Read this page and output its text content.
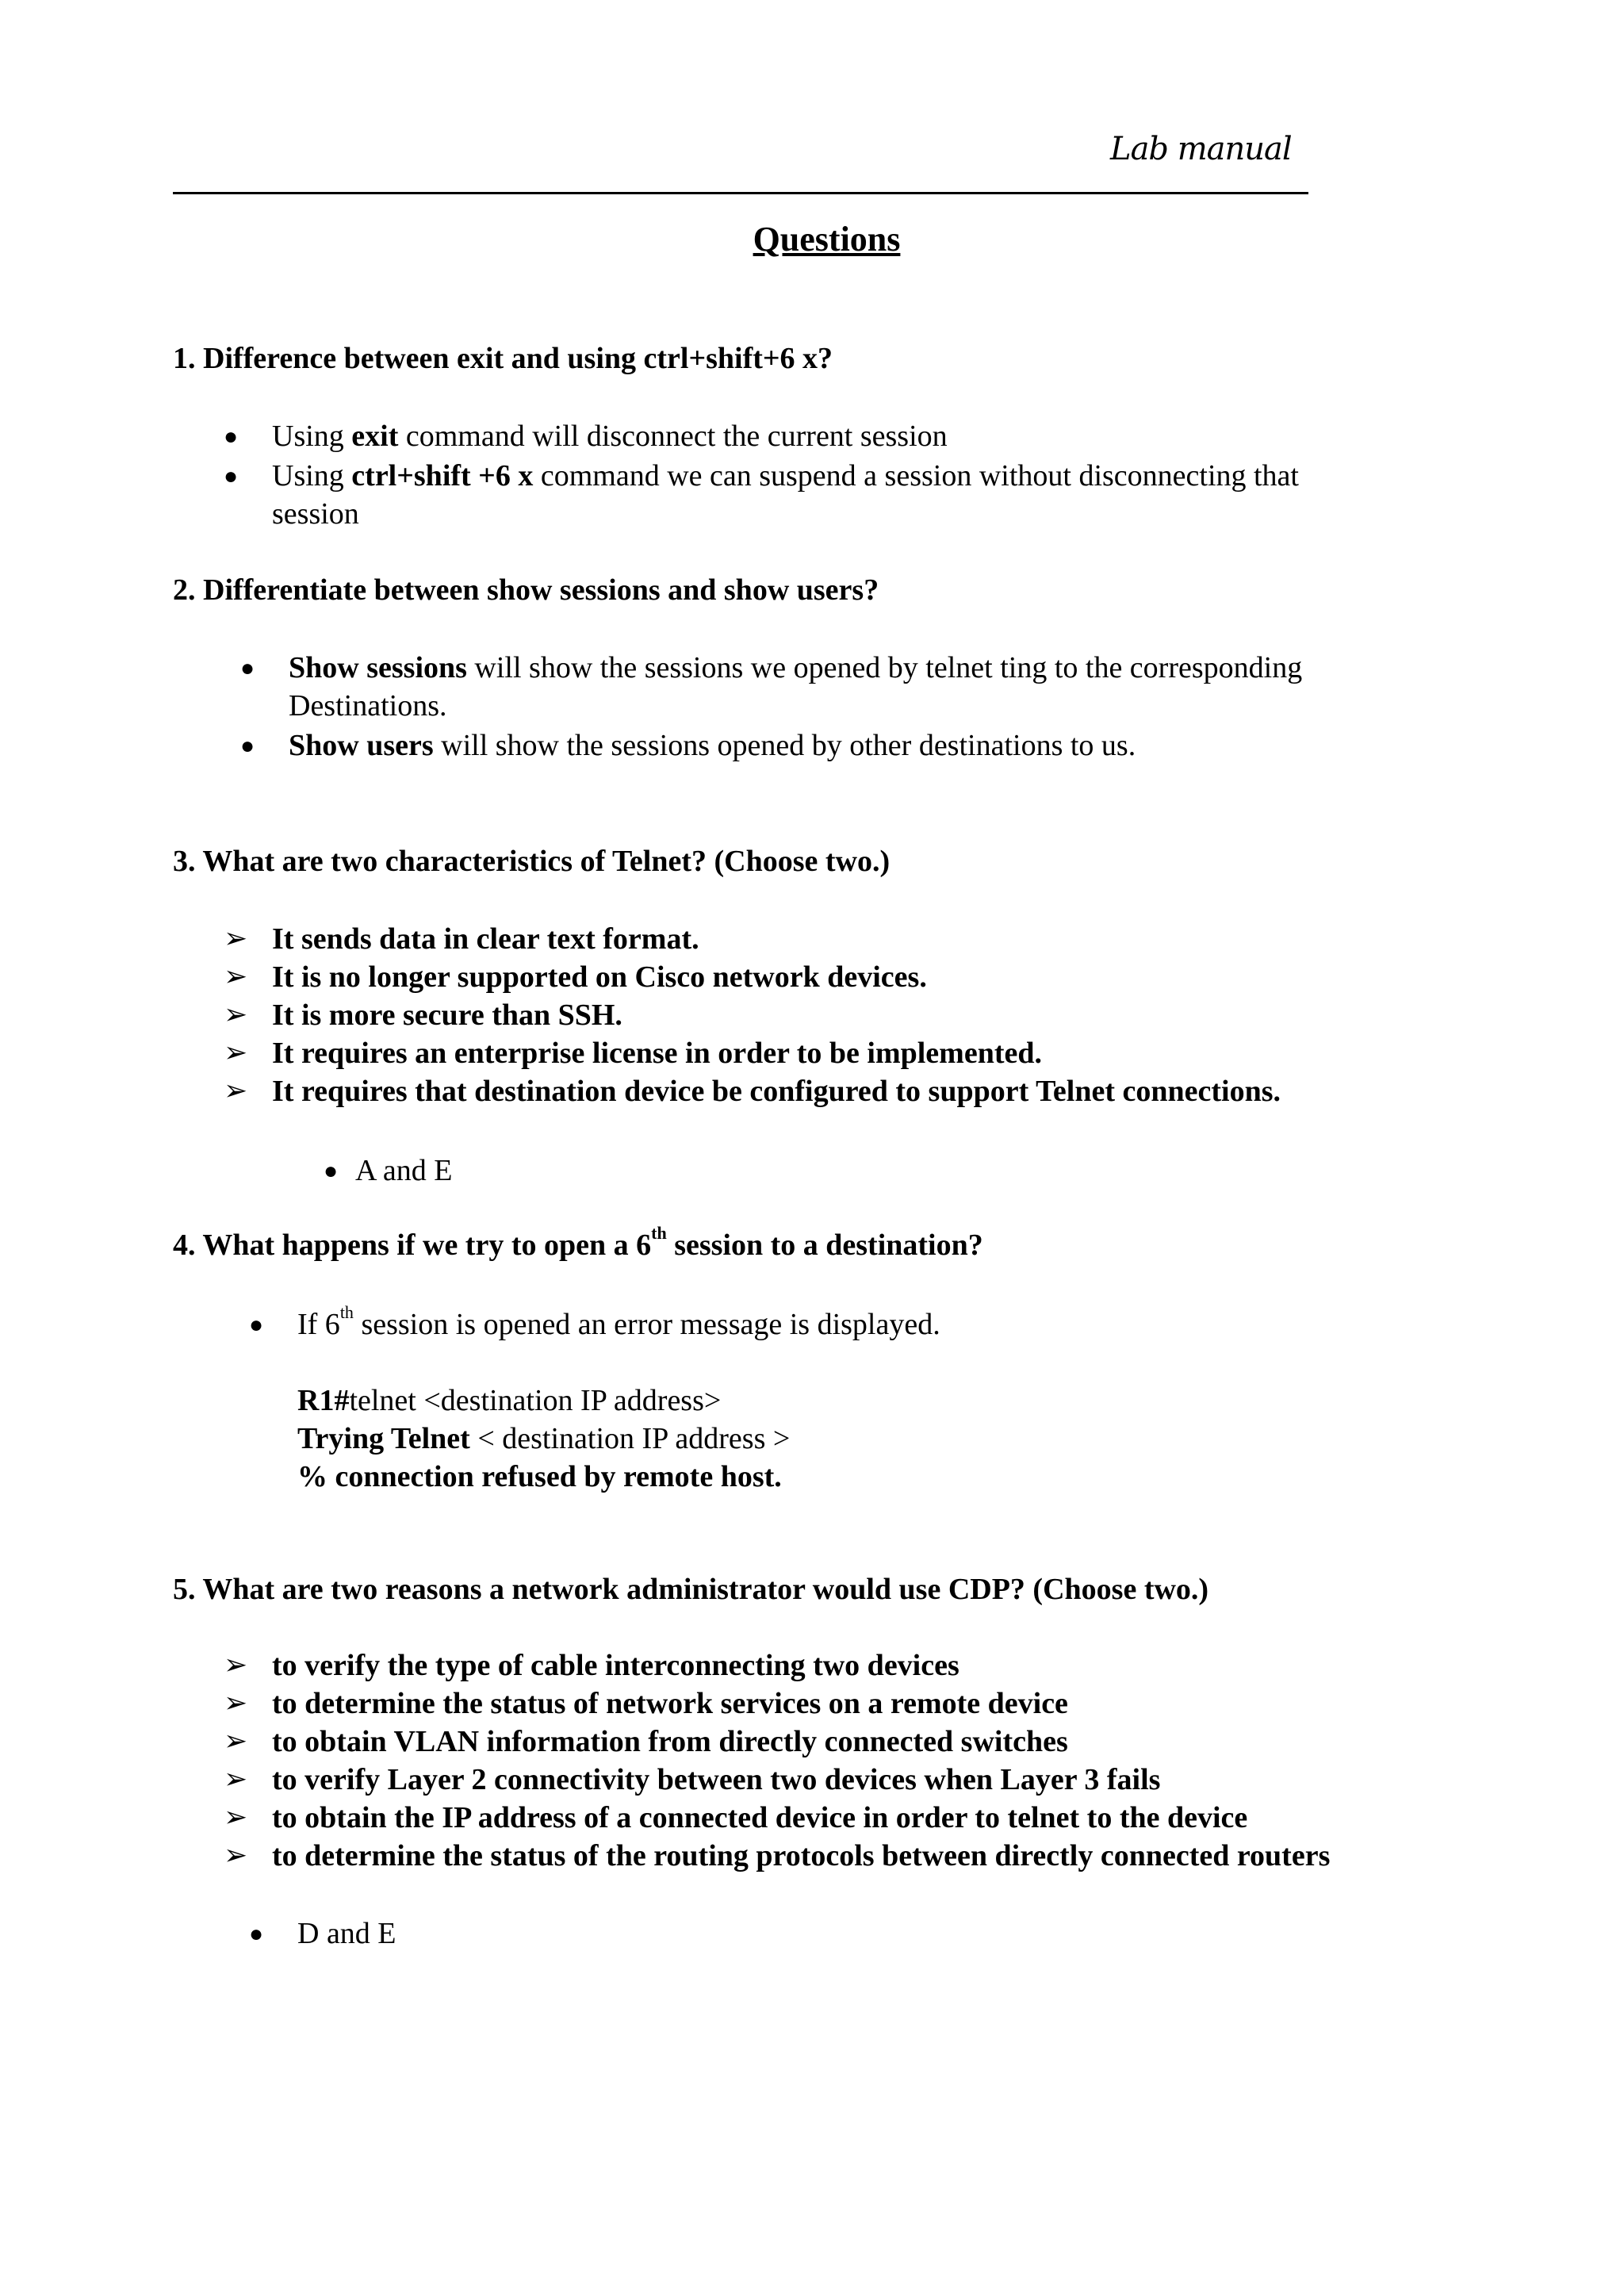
Lab manual
Questions
1. Difference between exit and using ctrl+shift+6 x?
● Using exit command will disconnect the current session
● Using ctrl+shift +6 x command we can suspend a session without disconnecting that
session
2. Differentiate between show sessions and show users?
● Show sessions will show the sessions we opened by telnet ting to the corresponding
Destinations.
● Show users will show the sessions opened by other destinations to us.
3. What are two characteristics of Telnet? (Choose two.)
➢ It sends data in clear text format.
➢ It is no longer supported on Cisco network devices.
➢ It is more secure than SSH.
➢ It requires an enterprise license in order to be implemented.
➢ It requires that destination device be configured to support Telnet connections.
● A and E
4. What happens if we try to open a 6th session to a destination?
● If 6th session is opened an error message is displayed.
R1#telnet <destination IP address>
Trying Telnet < destination IP address >
% connection refused by remote host.
5. What are two reasons a network administrator would use CDP? (Choose two.)
➢ to verify the type of cable interconnecting two devices
➢ to determine the status of network services on a remote device
➢ to obtain VLAN information from directly connected switches
➢ to verify Layer 2 connectivity between two devices when Layer 3 fails
➢ to obtain the IP address of a connected device in order to telnet to the device
➢ to determine the status of the routing protocols between directly connected routers
● D and E
